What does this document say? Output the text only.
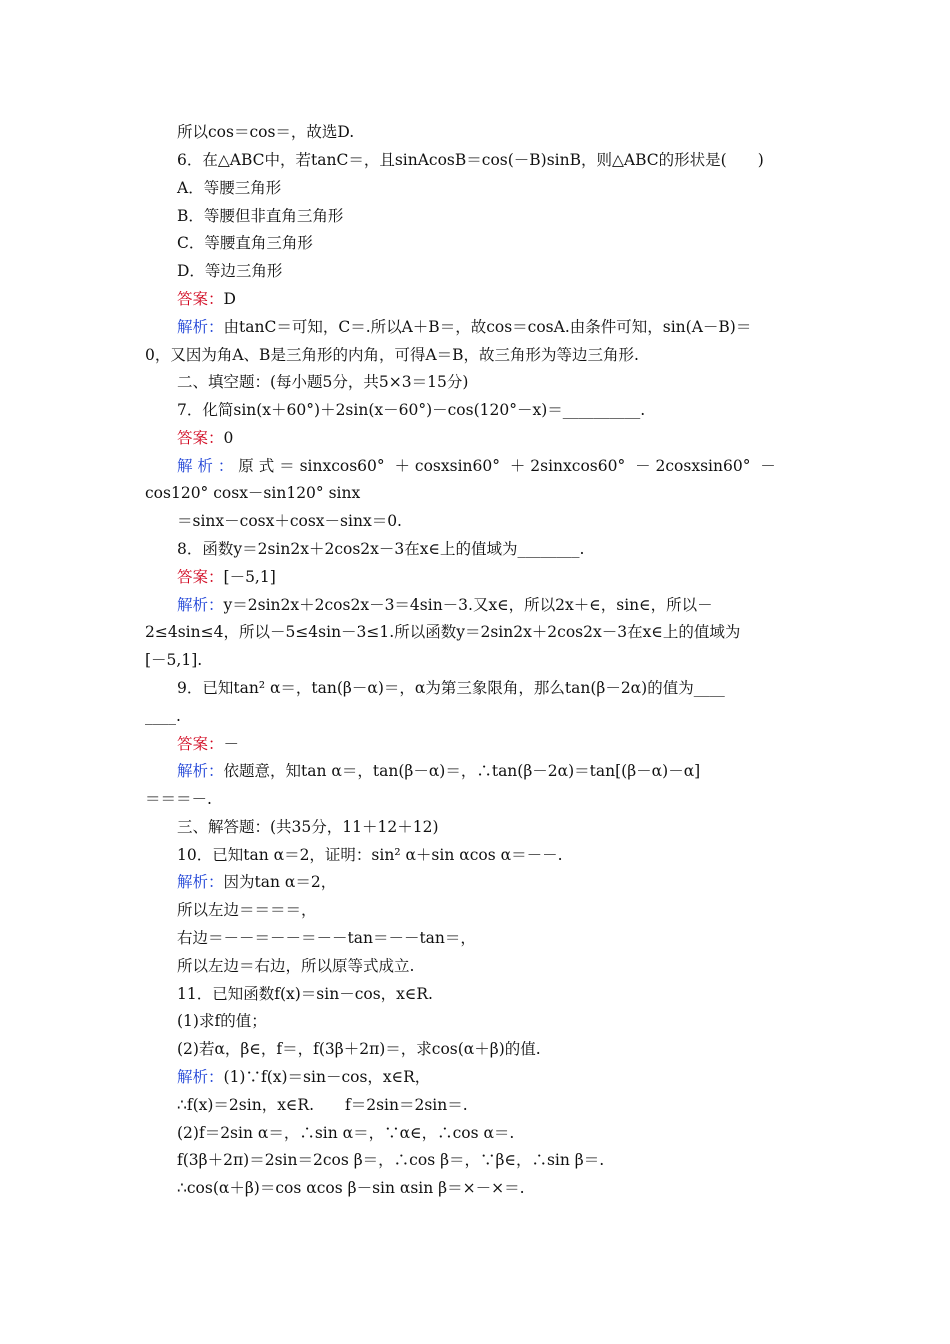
所以cos＝cos＝，故选D.
6．在△ABC中，若tanC＝，且sinAcosB＝cos(－B)sinB，则△ABC的形状是(　　)
A．等腰三角形
B．等腰但非直角三角形
C．等腰直角三角形
D．等边三角形
答案：D
解析：由tanC＝可知，C＝.所以A＋B＝，故cos＝cosA.由条件可知，sin(A－B)＝
0，又因为角A、B是三角形的内角，可得A＝B，故三角形为等边三角形.
二、填空题：(每小题5分，共5×3＝15分)
7．化简sin(x＋60°)＋2sin(x－60°)－cos(120°－x)＝__________.
答案：0
解 析 ： 原 式 ＝ sinxcos60°  ＋ cosxsin60°  ＋ 2sinxcos60°  － 2cosxsin60°  －
cos120° cosx－sin120° sinx
＝sinx－cosx＋cosx－sinx＝0.
8．函数y＝2sin2x＋2cos2x－3在x∈上的值域为________.
答案：[－5,1]
解析：y＝2sin2x＋2cos2x－3＝4sin－3.又x∈，所以2x＋∈，sin∈，所以－
2≤4sin≤4，所以－5≤4sin－3≤1.所以函数y＝2sin2x＋2cos2x－3在x∈上的值域为
[－5,1].
9．已知tan² α＝，tan(β－α)＝，α为第三象限角，那么tan(β－2α)的值为____
____.
答案：－
解析：依题意，知tan α＝，tan(β－α)＝，∴tan(β－2α)＝tan[(β－α)－α]
＝＝＝－.
三、解答题：(共35分，11＋12＋12)
10．已知tan α＝2，证明：sin² α＋sin αcos α＝－－.
解析：因为tan α＝2，
所以左边＝＝＝＝，
右边＝－－＝－－＝－－tan＝－－tan＝，
所以左边＝右边，所以原等式成立.
11．已知函数f(x)＝sin－cos，x∈R.
(1)求f的值；
(2)若α，β∈，f＝，f(3β＋2π)＝，求cos(α＋β)的值.
解析：(1)∵f(x)＝sin－cos，x∈R，
∴f(x)＝2sin，x∈R.　　f＝2sin＝2sin＝.
(2)f＝2sin α＝，∴sin α＝，∵α∈，∴cos α＝.
f(3β＋2π)＝2sin＝2cos β＝，∴cos β＝，∵β∈，∴sin β＝.
∴cos(α＋β)＝cos αcos β－sin αsin β＝×－×＝.
